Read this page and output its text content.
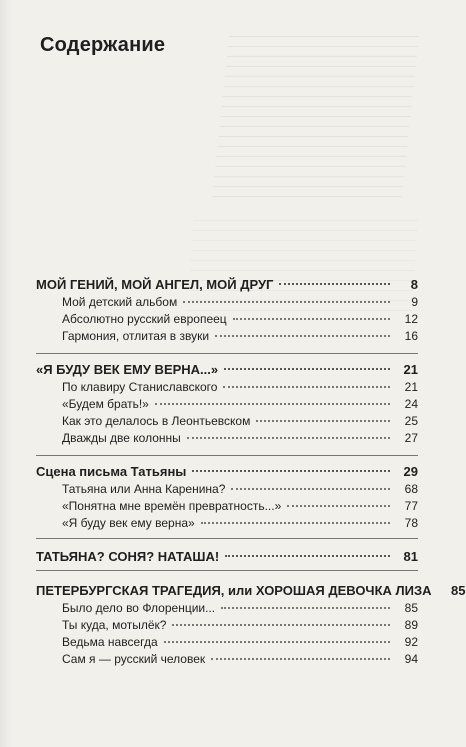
Содержание
МОЙ ГЕНИЙ, МОЙ АНГЕЛ, МОЙ ДРУГ	8
Мой детский альбом	9
Абсолютно русский европеец	12
Гармония, отлитая в звуки	16
«Я БУДУ ВЕК ЕМУ ВЕРНА...»	21
По клавиру Станиславского	21
«Будем брать!»	24
Как это делалось в Леонтьевском	25
Дважды две колонны	27
Сцена письма Татьяны	29
Татьяна или Анна Каренина?	68
«Понятна мне времён превратность...»	77
«Я буду век ему верна»	78
ТАТЬЯНА? СОНЯ? НАТАША!	81
ПЕТЕРБУРГСКАЯ ТРАГЕДИЯ, или ХОРОШАЯ ДЕВОЧКА ЛИЗА	85
Было дело во Флоренции...	85
Ты куда, мотылёк?	89
Ведьма навсегда	92
Сам я — русский человек	94
